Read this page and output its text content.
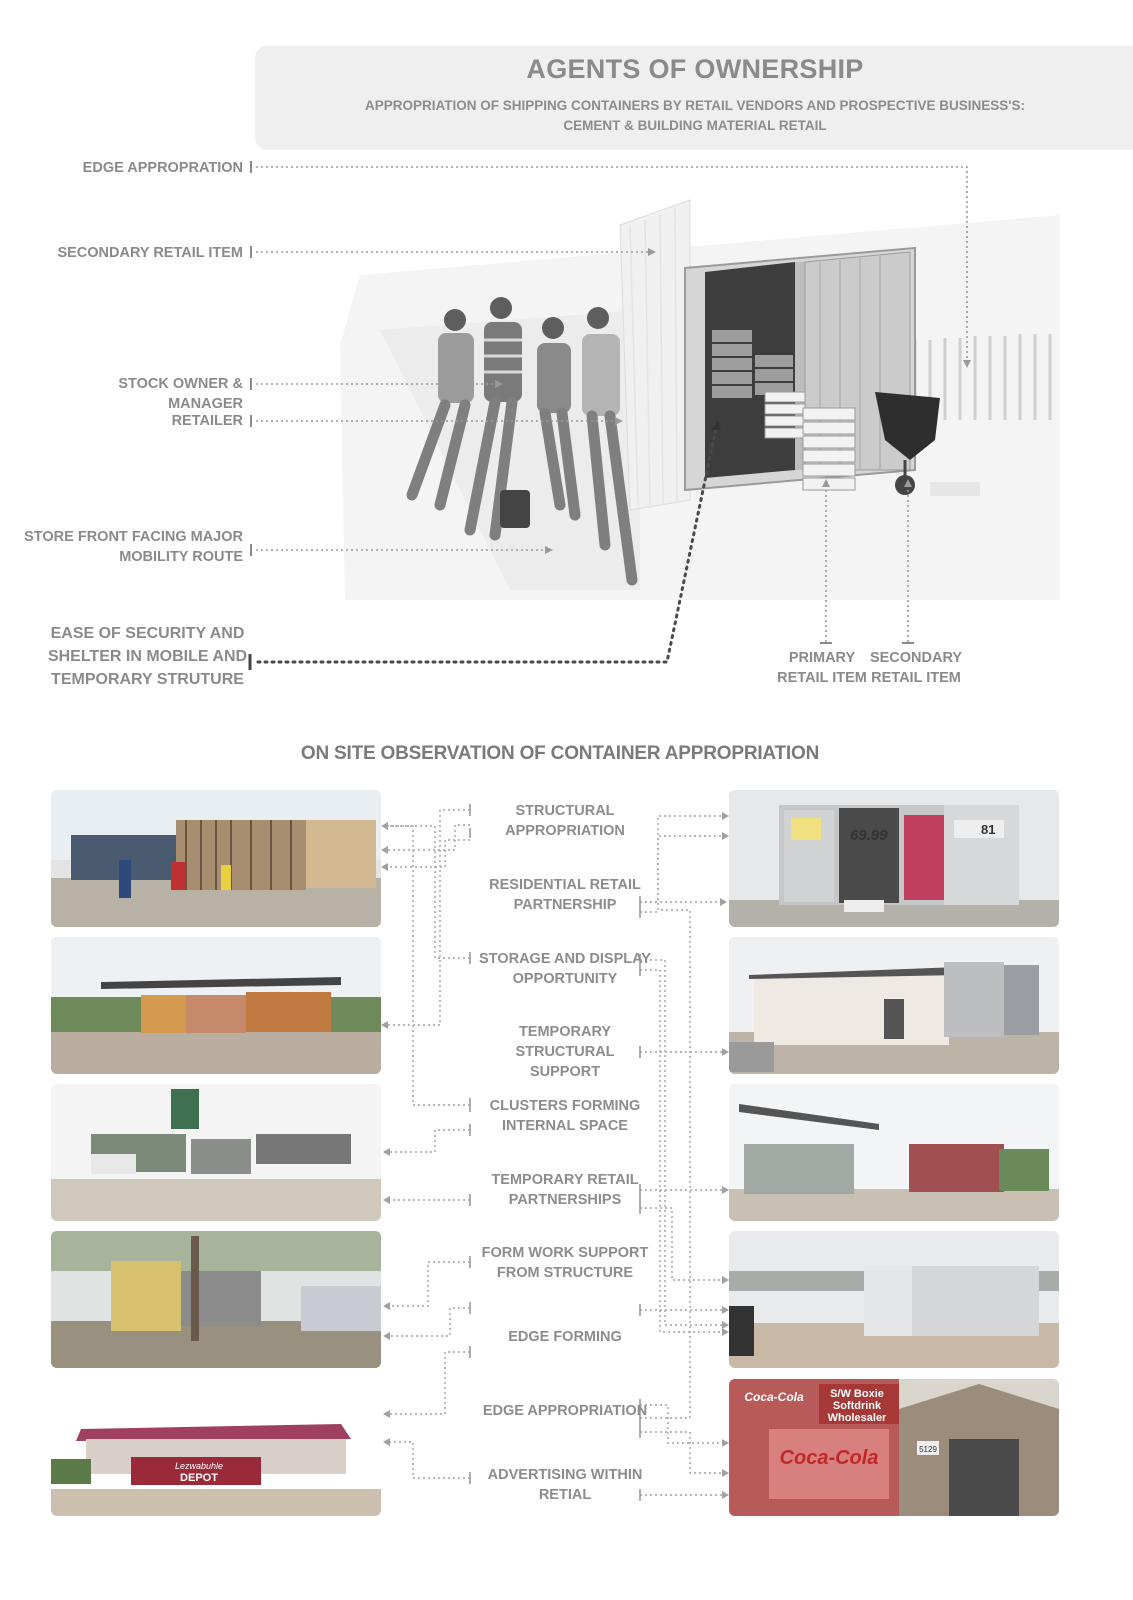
AGENTS OF OWNERSHIP
APPROPRIATION OF SHIPPING CONTAINERS BY RETAIL VENDORS AND PROSPECTIVE BUSINESS'S:
CEMENT & BUILDING MATERIAL RETAIL
EDGE APPROPRATION
SECONDARY RETAIL ITEM
STOCK OWNER & MANAGER
RETAILER
STORE FRONT FACING MAJOR
MOBILITY ROUTE
EASE OF SECURITY AND
SHELTER IN MOBILE AND
TEMPORARY STRUTURE
PRIMARY
RETAIL ITEM
SECONDARY
RETAIL ITEM
ON SITE OBSERVATION OF CONTAINER APPROPRIATION
STRUCTURAL
APPROPRIATION
RESIDENTIAL RETAIL
PARTNERSHIP
STORAGE AND DISPLAY
OPPORTUNITY
TEMPORARY STRUCTURAL
SUPPORT
CLUSTERS FORMING
INTERNAL SPACE
TEMPORARY RETAIL
PARTNERSHIPS
FORM WORK SUPPORT
FROM STRUCTURE
EDGE FORMING
EDGE APPROPRIATION
ADVERTISING WITHIN
RETIAL
Lezwabuhle
DEPOT
69.99	81
S/W Boxie
Softdrink
Wholesaler
Coca-Cola
Coca-Cola	5129
